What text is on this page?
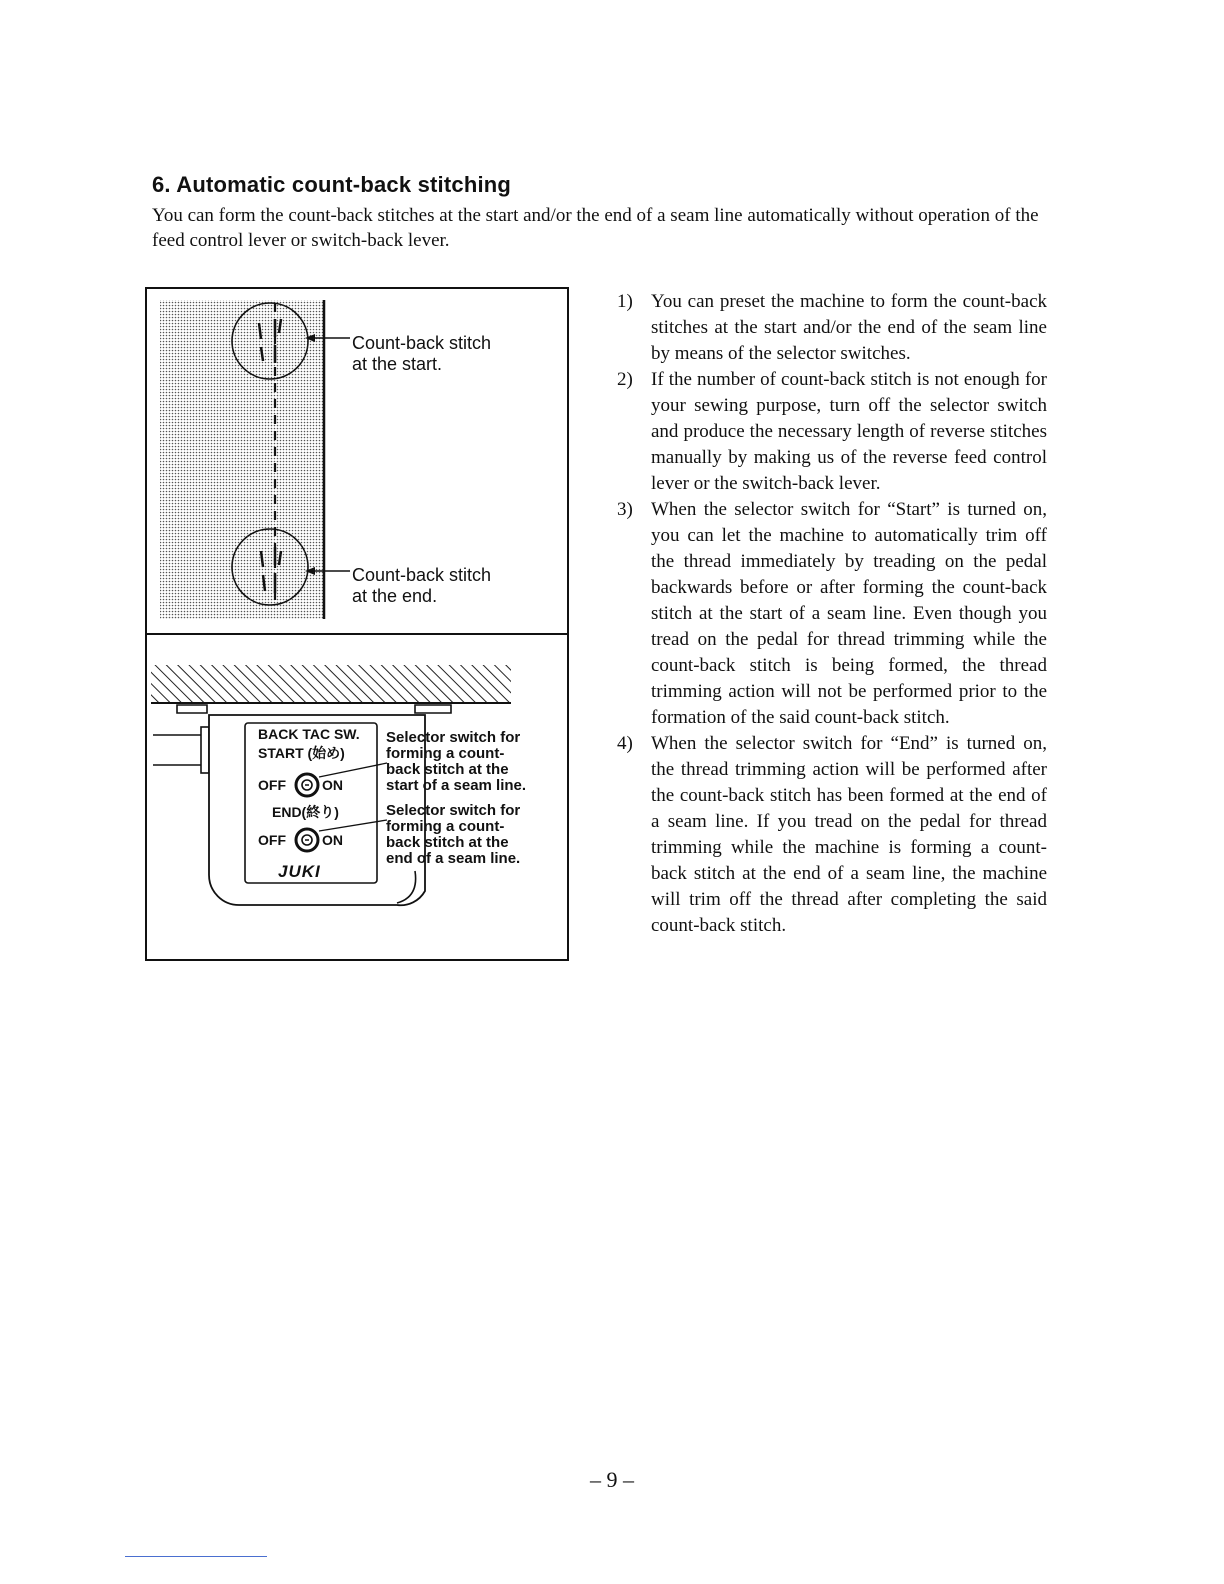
6. Automatic count-back stitching
You can form the count-back stitches at the start and/or the end of a seam line automatically without operation of the feed control lever or switch-back lever.
Count-back stitch
at the start.
Count-back stitch
at the end.
BACK TAC SW.
START (始め)
OFF	ON
END(終り)
OFF	ON
JUKI
Selector switch for
forming a count-
back stitch at the
start of a seam line.
Selector switch for
forming a count-
back stitch at the
end of a seam line.
1) You can preset the machine to form the count-back stitches at the start and/or the end of the seam line by means of the selector switches.
2) If the number of count-back stitch is not enough for your sewing purpose, turn off the selector switch and produce the necessary length of reverse stitches manually by making us of the reverse feed control lever or the switch-back lever.
3) When the selector switch for “Start” is turned on, you can let the machine to automatically trim off the thread immediately by treading on the pedal backwards before or after forming the count-back stitch at the start of a seam line. Even though you tread on the pedal for thread trimming while the count-back stitch is being formed, the thread trimming action will not be performed prior to the formation of the said count-back stitch.
4) When the selector switch for “End” is turned on, the thread trimming action will be performed after the count-back stitch has been formed at the end of a seam line. If you tread on the pedal for thread trimming while the machine is forming a count-back stitch at the end of a seam line, the machine will trim off the thread after completing the said count-back stitch.
– 9 –
